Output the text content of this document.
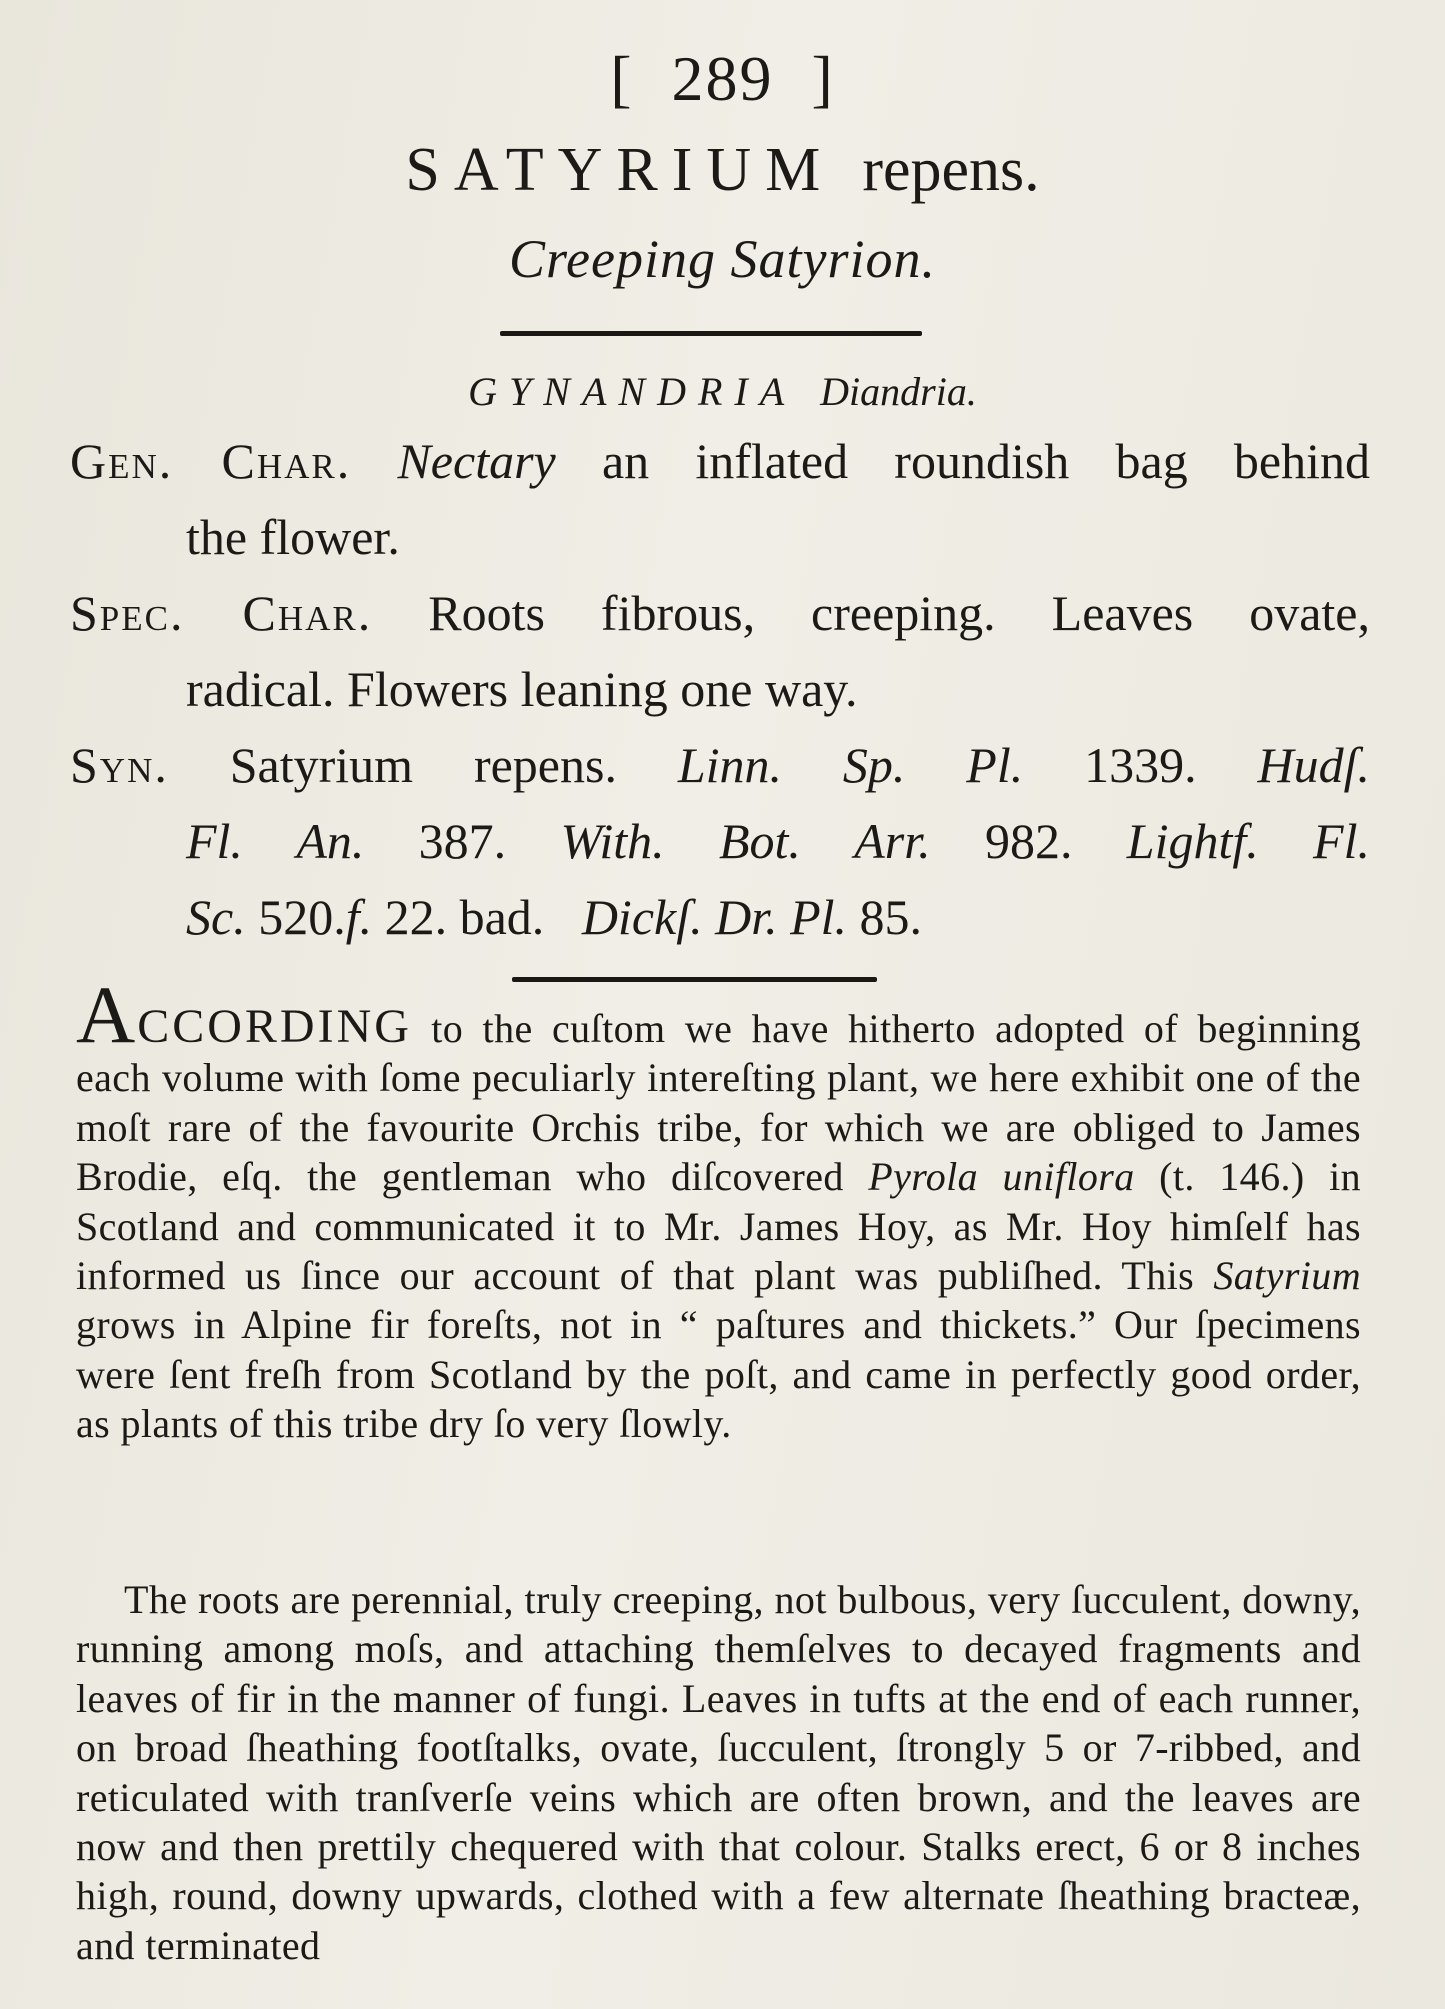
[ 289 ]
SATYRIUM repens.
Creeping Satyrion.
GYNANDRIA Diandria.
Gen. Char. Nectary an inflated roundish bag behind
the flower.
Spec. Char. Roots fibrous, creeping. Leaves ovate,
radical. Flowers leaning one way.
Syn. Satyrium repens. Linn. Sp. Pl. 1339. Hudſ.
Fl. An. 387. With. Bot. Arr. 982. Lightf. Fl.
Sc. 520.f. 22. bad. Dickſ. Dr. Pl. 85.

ACCORDING to the cuſtom we have hitherto adopted of beginning each volume with ſome peculiarly intereſting plant, we here exhibit one of the moſt rare of the favourite Orchis tribe, for which we are obliged to James Brodie, eſq. the gentleman who diſcovered Pyrola uniflora (t. 146.) in Scotland and communicated it to Mr. James Hoy, as Mr. Hoy himſelf has informed us ſince our account of that plant was publiſhed. This Satyrium grows in Alpine fir foreſts, not in “ paſtures and thickets.” Our ſpecimens were ſent freſh from Scotland by the poſt, and came in perfectly good order, as plants of this tribe dry ſo very ſlowly.

The roots are perennial, truly creeping, not bulbous, very ſucculent, downy, running among moſs, and attaching themſelves to decayed fragments and leaves of fir in the manner of fungi. Leaves in tufts at the end of each runner, on broad ſheathing footſtalks, ovate, ſucculent, ſtrongly 5 or 7-ribbed, and reticulated with tranſverſe veins which are often brown, and the leaves are now and then prettily chequered with that colour. Stalks erect, 6 or 8 inches high, round, downy upwards, clothed with a few alternate ſheathing bracteæ, and terminated
